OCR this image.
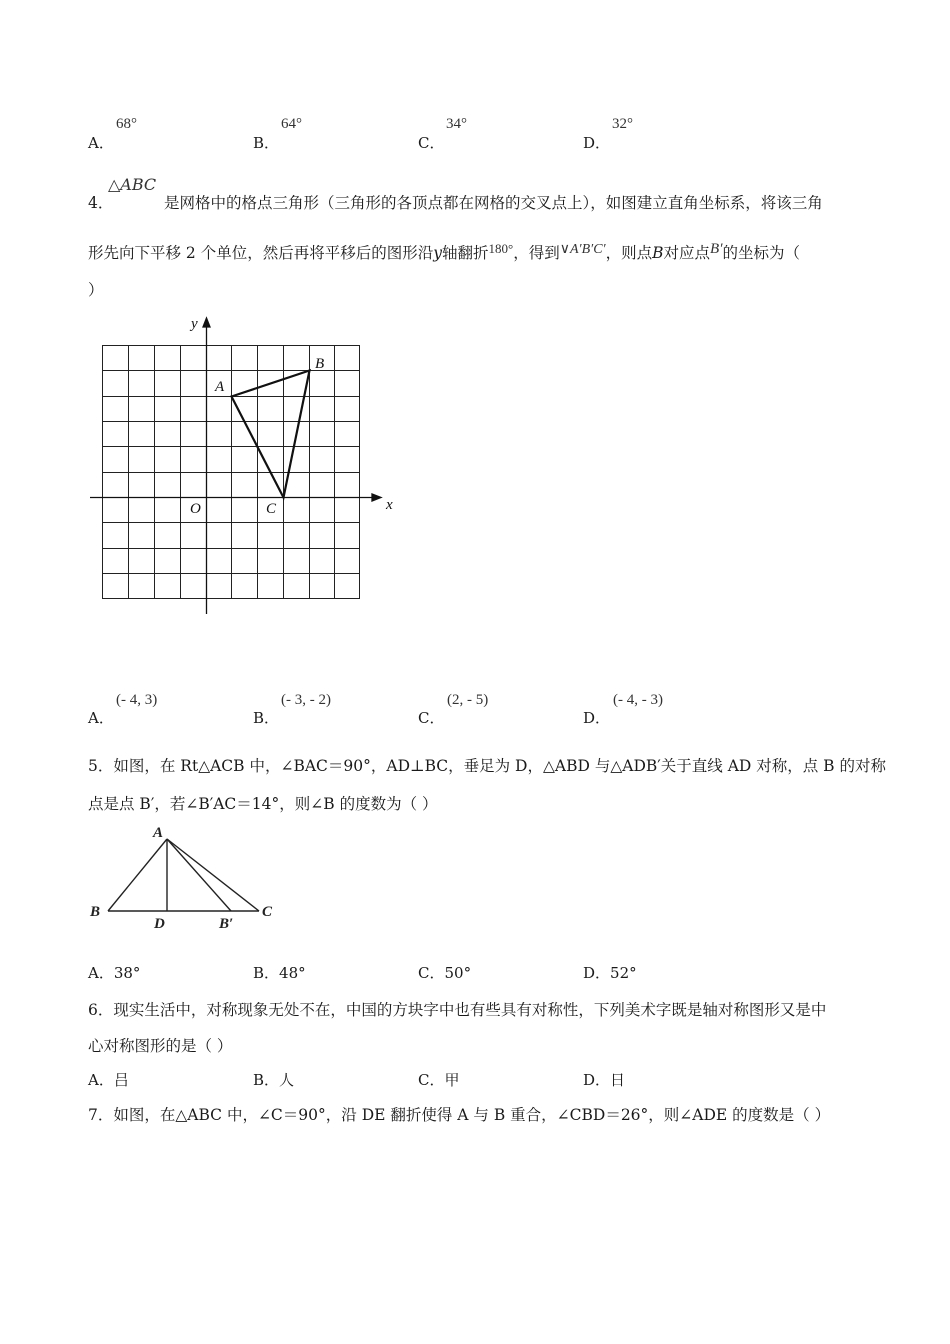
A．
68°
B．
64°
C．
34°
D．
32°
4．
△ABC
是网格中的格点三角形（三角形的各顶点都在网格的交叉点上），如图建立直角坐标系，将该三角
形先向下平移 2 个单位，然后再将平移后的图形沿y轴翻折$^{180^\circ}$，得到∨A′B′C′，则点B对应点B′的坐标为（
）
x
y
O
A
B
C
A．
(- 4, 3)
B．
(- 3, - 2)
C．
(2, - 5)
D．
(- 4, - 3)
5．如图，在 Rt△ACB 中，∠BAC＝90°，AD⊥BC，垂足为 D，△ABD 与△ADB′关于直线 AD 对称，点 B 的对称
点是点 B′，若∠B′AC＝14°，则∠B 的度数为（ ）
A
B	C
D	B′
A．38°	B．48°	C．50°	D．52°
6．现实生活中，对称现象无处不在，中国的方块字中也有些具有对称性，下列美术字既是轴对称图形又是中
心对称图形的是（ ）
A．吕	B．人	C．甲	D．日
7．如图，在△ABC 中，∠C＝90°，沿 DE 翻折使得 A 与 B 重合，∠CBD＝26°，则∠ADE 的度数是（ ）
